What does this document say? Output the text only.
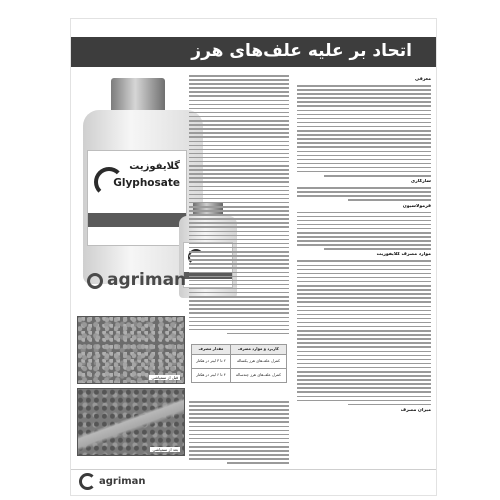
اتحاد بر علیه علف‌های هرز
گلایفوزیت
Glyphosate
agriman
معرفی
سازگاری
فرمولاسیون
موارد مصرف گلایفوزیت
میزان مصرف
قبل از سمپاشی
بعد از سمپاشی
کاربرد و موارد مصرف	مقدار مصرف
کنترل علف‌های هرز یکساله	۲ تا ۳ لیتر در هکتار
کنترل علف‌های هرز چندساله	۴ تا ۶ لیتر در هکتار
agriman
